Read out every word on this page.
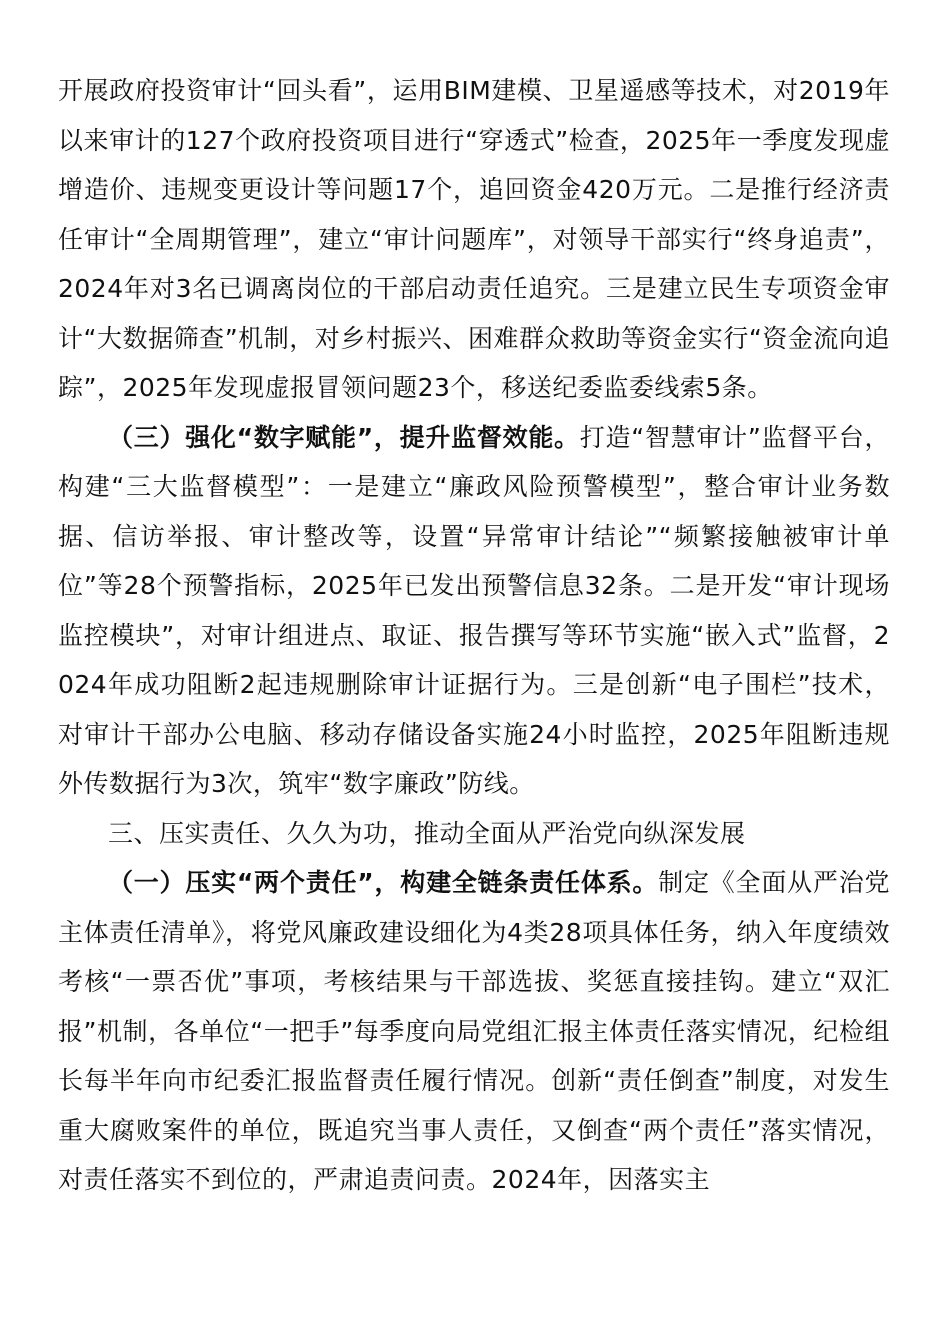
开展政府投资审计“回头看”，运用BIM建模、卫星遥感等技术，对2019年以来审计的127个政府投资项目进行“穿透式”检查，2025年一季度发现虚增造价、违规变更设计等问题17个，追回资金420万元。二是推行经济责任审计“全周期管理”，建立“审计问题库”，对领导干部实行“终身追责”，2024年对3名已调离岗位的干部启动责任追究。三是建立民生专项资金审计“大数据筛查”机制，对乡村振兴、困难群众救助等资金实行“资金流向追踪”，2025年发现虚报冒领问题23个，移送纪委监委线索5条。

（三）强化“数字赋能”，提升监督效能。打造“智慧审计”监督平台，构建“三大监督模型”：一是建立“廉政风险预警模型”，整合审计业务数据、信访举报、审计整改等，设置“异常审计结论”“频繁接触被审计单位”等28个预警指标，2025年已发出预警信息32条。二是开发“审计现场监控模块”，对审计组进点、取证、报告撰写等环节实施“嵌入式”监督，2024年成功阻断2起违规删除审计证据行为。三是创新“电子围栏”技术，对审计干部办公电脑、移动存储设备实施24小时监控，2025年阻断违规外传数据行为3次，筑牢“数字廉政”防线。

三、压实责任、久久为功，推动全面从严治党向纵深发展

（一）压实“两个责任”，构建全链条责任体系。制定《全面从严治党主体责任清单》，将党风廉政建设细化为4类28项具体任务，纳入年度绩效考核“一票否优”事项，考核结果与干部选拔、奖惩直接挂钩。建立“双汇报”机制，各单位“一把手”每季度向局党组汇报主体责任落实情况，纪检组长每半年向市纪委汇报监督责任履行情况。创新“责任倒查”制度，对发生重大腐败案件的单位，既追究当事人责任，又倒查“两个责任”落实情况，对责任落实不到位的，严肃追责问责。2024年，因落实主
